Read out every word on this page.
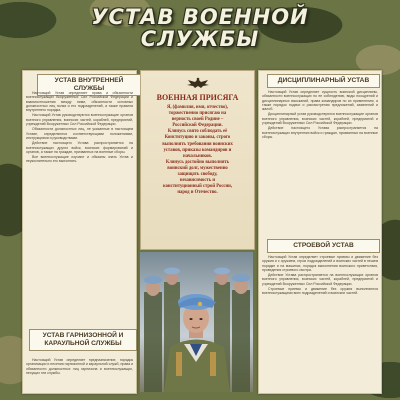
УСТАВ ВОЕННОЙ
СЛУЖБЫ
УСТАВ ВНУТРЕННЕЙ СЛУЖБЫ

Настоящий Устав определяет права и обязанности военнослужащих Вооруженных Сил Российской Федерации и взаимоотношения между ними, обязанности основных должностных лиц полка и его подразделений, а также правила внутреннего порядка.

Настоящий Устав руководствуются военнослужащие органов военного управления, воинских частей, кораблей, предприятий, учреждений Вооруженных Сил Российской Федерации.

Обязанности должностных лиц, не указанные в настоящем Уставе, определяются соответствующими положениями, инструкциями и руководствами.

Действие настоящего Устава распространяется на военнослужащих других войск, воинских формирований и органов, а также на граждан, призванных на военные сборы.

Все военнослужащие изучают и обязаны знать Устав и неукоснительно его выполнять.

УСТАВ ГАРНИЗОННОЙ И КАРАУЛЬНОЙ СЛУЖБЫ

Настоящий Устав определяет предназначение, порядок организации и несения гарнизонной и караульной служб, права и обязанности должностных лиц гарнизона и военнослужащих, несущих эти службы.

ВОЕННАЯ ПРИСЯГА
Я, (фамилия, имя, отчество),
торжественно присягаю на
верность своей Родине –
Российской Федерации.
Клянусь свято соблюдать её
Конституцию и законы, строго
выполнять требования воинских
уставов, приказы командиров и
начальников.
Клянусь достойно выполнять
воинский долг, мужественно
защищать свободу,
независимость и
конституционный строй России,
народ и Отечество.
ДИСЦИПЛИНАРНЫЙ УСТАВ

Настоящий Устав определяет сущность воинской дисциплины, обязанности военнослужащих по ее соблюдению, виды поощрений и дисциплинарных взысканий, права командиров по их применению, а также порядок подачи и рассмотрения предложений, заявлений и жалоб.

Дисциплинарный устав руководствуются военнослужащие органов военного управления, воинских частей, кораблей, предприятий и учреждений Вооруженных Сил Российской Федерации.

Действие настоящего Устава распространяется на военнослужащих внутренних войск и граждан, призванных на военные сборы.

СТРОЕВОЙ УСТАВ

Настоящий Устав определяет строевые приемы и движение без оружия и с оружием, строи подразделений и воинских частей в пешем порядке и на машинах, порядок выполнения воинского приветствия, проведения строевого смотра.

Действие Устава распространяется на военнослужащих органов военного управления, воинских частей, кораблей, предприятий и учреждений Вооруженных Сил Российской Федерации.

Строевые приемы и движение без оружия выполняются военнослужащими всех подразделений и воинских частей.
